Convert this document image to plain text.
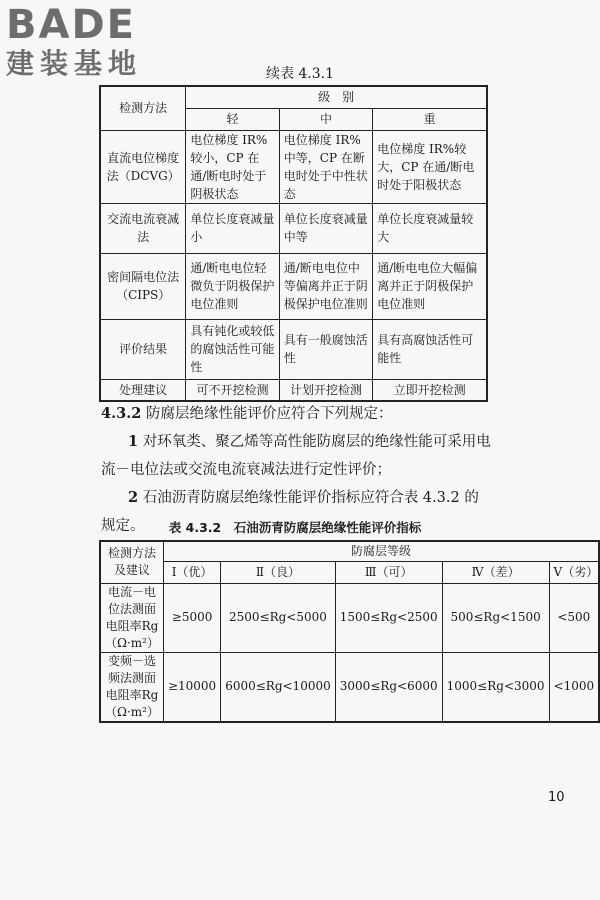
BADE
建装基地	续表 4.3.1
检测方法	级　别		
	轻	中	重
直流电位梯度法（DCVG）	电位梯度 IR%较小，CP 在通/断电时处于阴极状态	电位梯度 IR%中等，CP 在断电时处于中性状态	电位梯度 IR%较大，CP 在通/断电时处于阳极状态
交流电流衰减法	单位长度衰减量小	单位长度衰减量中等	单位长度衰减量较大
密间隔电位法（CIPS）	通/断电电位轻微负于阴极保护电位准则	通/断电电位中等偏离并正于阴极保护电位准则	通/断电电位大幅偏离并正于阴极保护电位准则
评价结果	具有钝化或较低的腐蚀活性可能性	具有一般腐蚀活性	具有高腐蚀活性可能性
处理建议	可不开挖检测	计划开挖检测	立即开挖检测

4.3.2 防腐层绝缘性能评价应符合下列规定：

1 对环氧类、聚乙烯等高性能防腐层的绝缘性能可采用电流－电位法或交流电流衰减法进行定性评价；

2 石油沥青防腐层绝缘性能评价指标应符合表 4.3.2 的规定。	表 4.3.2　石油沥青防腐层绝缘性能评价指标
检测方法及建议	防腐层等级				
	Ⅰ（优）	Ⅱ（良）	Ⅲ（可）	Ⅳ（差）	Ⅴ（劣）
电流－电位法测面电阻率Rg（Ω·m²）	≥5000	2500≤Rg<5000	1500≤Rg<2500	500≤Rg<1500	<500
变频－选频法测面电阻率Rg（Ω·m²）	≥10000	6000≤Rg<10000	3000≤Rg<6000	1000≤Rg<3000	<1000
10
